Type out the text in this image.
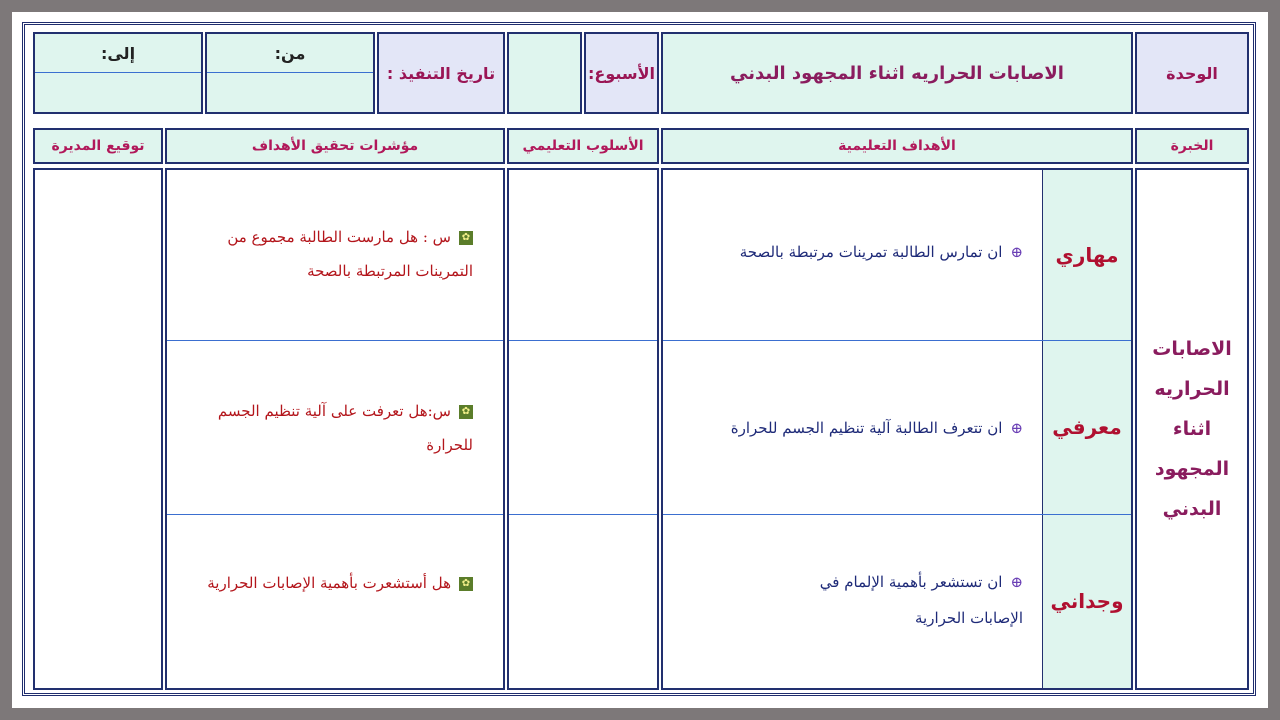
الوحدة
الاصابات الحراريه اثناء المجهود البدني
الأسبوع:
تاريخ التنفيذ :
من:
إلى:
الخبرة
الأهداف التعليمية
الأسلوب التعليمي
مؤشرات تحقيق الأهداف
توقيع المديرة
الاصابات
الحراريه
اثناء
المجهود
البدني
مهاري
⊕ان تمارس الطالبة تمرينات مرتبطة بالصحة
معرفي
⊕ان تتعرف الطالبة آلية تنظيم الجسم للحرارة
وجداني
⊕ان تستشعر بأهمية الإلمام في الإصابات الحرارية
✿س : هل مارست الطالبة مجموع من التمرينات المرتبطة بالصحة
✿س:هل تعرفت على آلية تنظيم الجسم للحرارة
✿هل أستشعرت بأهمية الإصابات الحرارية
